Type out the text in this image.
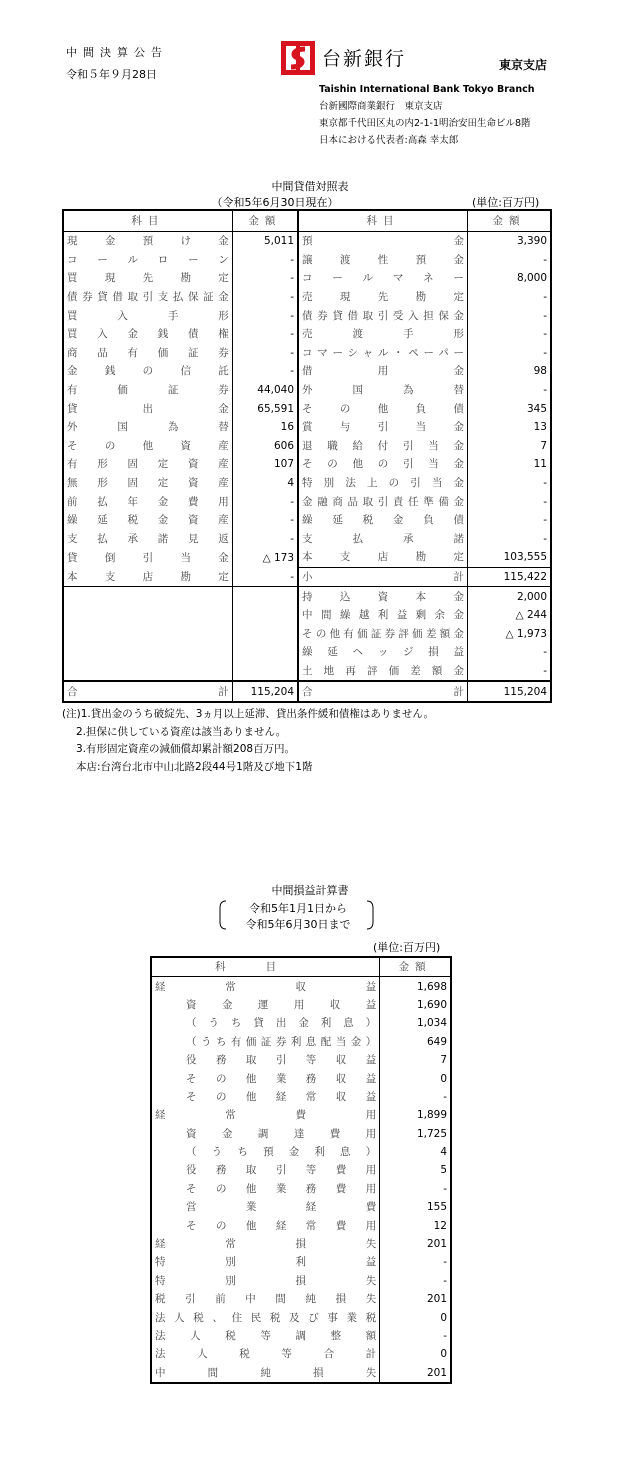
中間決算公告
令和５年９月28日
台新銀行	東京支店
Taishin International Bank Tokyo Branch
台新國際商業銀行　東京支店
東京都千代田区丸の内2-1-1明治安田生命ビル8階
日本における代表者:高森 幸太郎
中間貸借対照表
（令和5年6月30日現在）	(単位:百万円)
科目	金額	科目	金額
現金預け金	5,011	預金	3,390
コールローン	-	譲渡性預金	-
買現先勘定	-	コールマネー	8,000
債券貸借取引支払保証金	-	売現先勘定	-
買入手形	-	債券貸借取引受入担保金	-
買入金銭債権	-	売渡手形	-
商品有価証券	-	コマーシャル・ペーパー	-
金銭の信託	-	借用金	98
有価証券	44,040	外国為替	-
貸出金	65,591	その他負債	345
外国為替	16	賞与引当金	13
その他資産	606	退職給付引当金	7
有形固定資産	107	その他の引当金	11
無形固定資産	4	特別法上の引当金	-
前払年金費用	-	金融商品取引責任準備金	-
繰延税金資産	-	繰延税金負債	-
支払承諾見返	-	支払承諾	-
貸倒引当金	△ 173	本支店勘定	103,555
本支店勘定	-	小計	115,422
		持込資本金	2,000
		中間繰越利益剰余金	△ 244
		その他有価証券評価差額金	△ 1,973
		繰延ヘッジ損益	-
		土地再評価差額金	-
合計	115,204	合計	115,204
(注)1.貸出金のうち破綻先、3ヵ月以上延滞、貸出条件緩和債権はありません。
2.担保に供している資産は該当ありません。
3.有形固定資産の減価償却累計額208百万円。
本店:台湾台北市中山北路2段44号1階及び地下1階
中間損益計算書
令和5年1月1日から
令和5年6月30日まで
(単位:百万円)
科目	金額
経常収益	1,698
資金運用収益	1,690
（うち貸出金利息）	1,034
（うち有価証券利息配当金）	649
役務取引等収益	7
その他業務収益	0
その他経常収益	-
経常費用	1,899
資金調達費用	1,725
（うち預金利息）	4
役務取引等費用	5
その他業務費用	-
営業経費	155
その他経常費用	12
経常損失	201
特別利益	-
特別損失	-
税引前中間純損失	201
法人税、住民税及び事業税	0
法人税等調整額	-
法人税等合計	0
中間純損失	201
